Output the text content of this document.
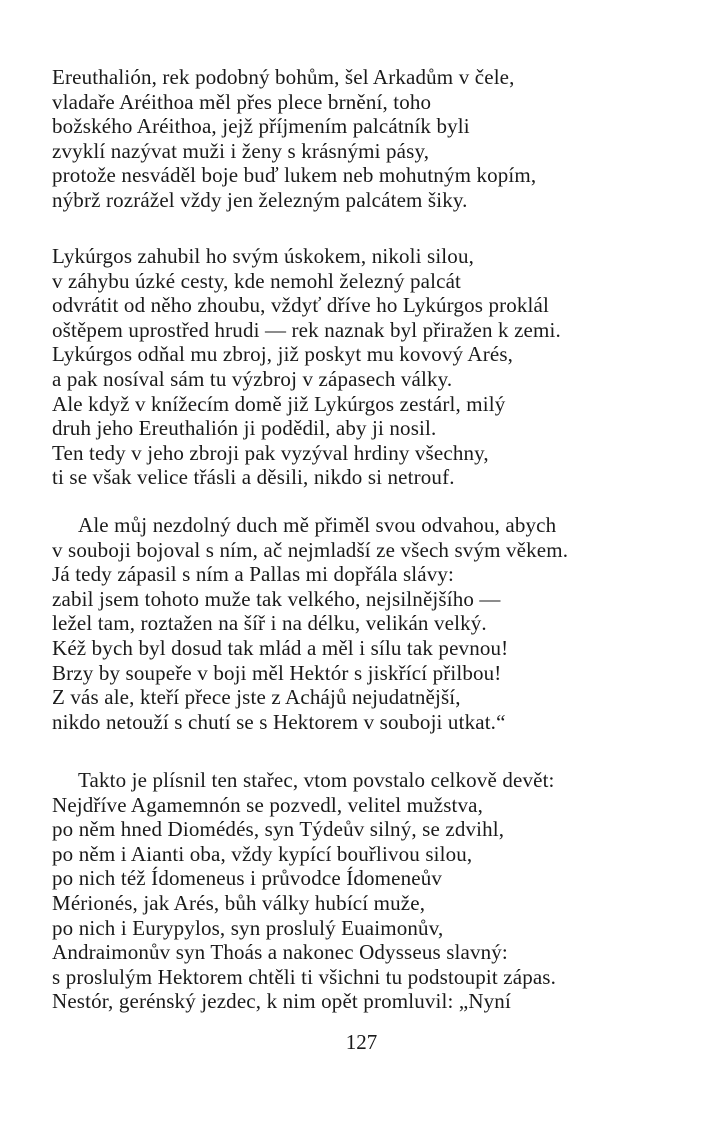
Ereuthalión, rek podobný bohům, šel Arkadům v čele,
vladaře Aréithoa měl přes plece brnění, toho
božského Aréithoa, jejž příjmením palcátník byli
zvyklí nazývat muži i ženy s krásnými pásy,
protože nesváděl boje buď lukem neb mohutným kopím,
nýbrž rozrážel vždy jen železným palcátem šiky.
Lykúrgos zahubil ho svým úskokem, nikoli silou,
v záhybu úzké cesty, kde nemohl železný palcát
odvrátit od něho zhoubu, vždyť dříve ho Lykúrgos proklál
oštěpem uprostřed hrudi — rek naznak byl přiražen k zemi.
Lykúrgos odňal mu zbroj, již poskyt mu kovový Arés,
a pak nosíval sám tu výzbroj v zápasech války.
Ale když v knížecím domě již Lykúrgos zestárl, milý
druh jeho Ereuthalión ji podědil, aby ji nosil.
Ten tedy v jeho zbroji pak vyzýval hrdiny všechny,
ti se však velice třásli a děsili, nikdo si netrouf.
Ale můj nezdolný duch mě přiměl svou odvahou, abych
v souboji bojoval s ním, ač nejmladší ze všech svým věkem.
Já tedy zápasil s ním a Pallas mi dopřála slávy:
zabil jsem tohoto muže tak velkého, nejsilnějšího —
ležel tam, roztažen na šíř i na délku, velikán velký.
Kéž bych byl dosud tak mlád a měl i sílu tak pevnou!
Brzy by soupeře v boji měl Hektór s jiskřící přilbou!
Z vás ale, kteří přece jste z Achájů nejudatnější,
nikdo netouží s chutí se s Hektorem v souboji utkat.“
Takto je plísnil ten stařec, vtom povstalo celkově devět:
Nejdříve Agamemnón se pozvedl, velitel mužstva,
po něm hned Diomédés, syn Týdeův silný, se zdvihl,
po něm i Aianti oba, vždy kypící bouřlivou silou,
po nich též Ídomeneus i průvodce Ídomeneův
Mérionés, jak Arés, bůh války hubící muže,
po nich i Eurypylos, syn proslulý Euaimonův,
Andraimonův syn Thoás a nakonec Odysseus slavný:
s proslulým Hektorem chtěli ti všichni tu podstoupit zápas.
Nestór, gerénský jezdec, k nim opět promluvil: „Nyní
127
